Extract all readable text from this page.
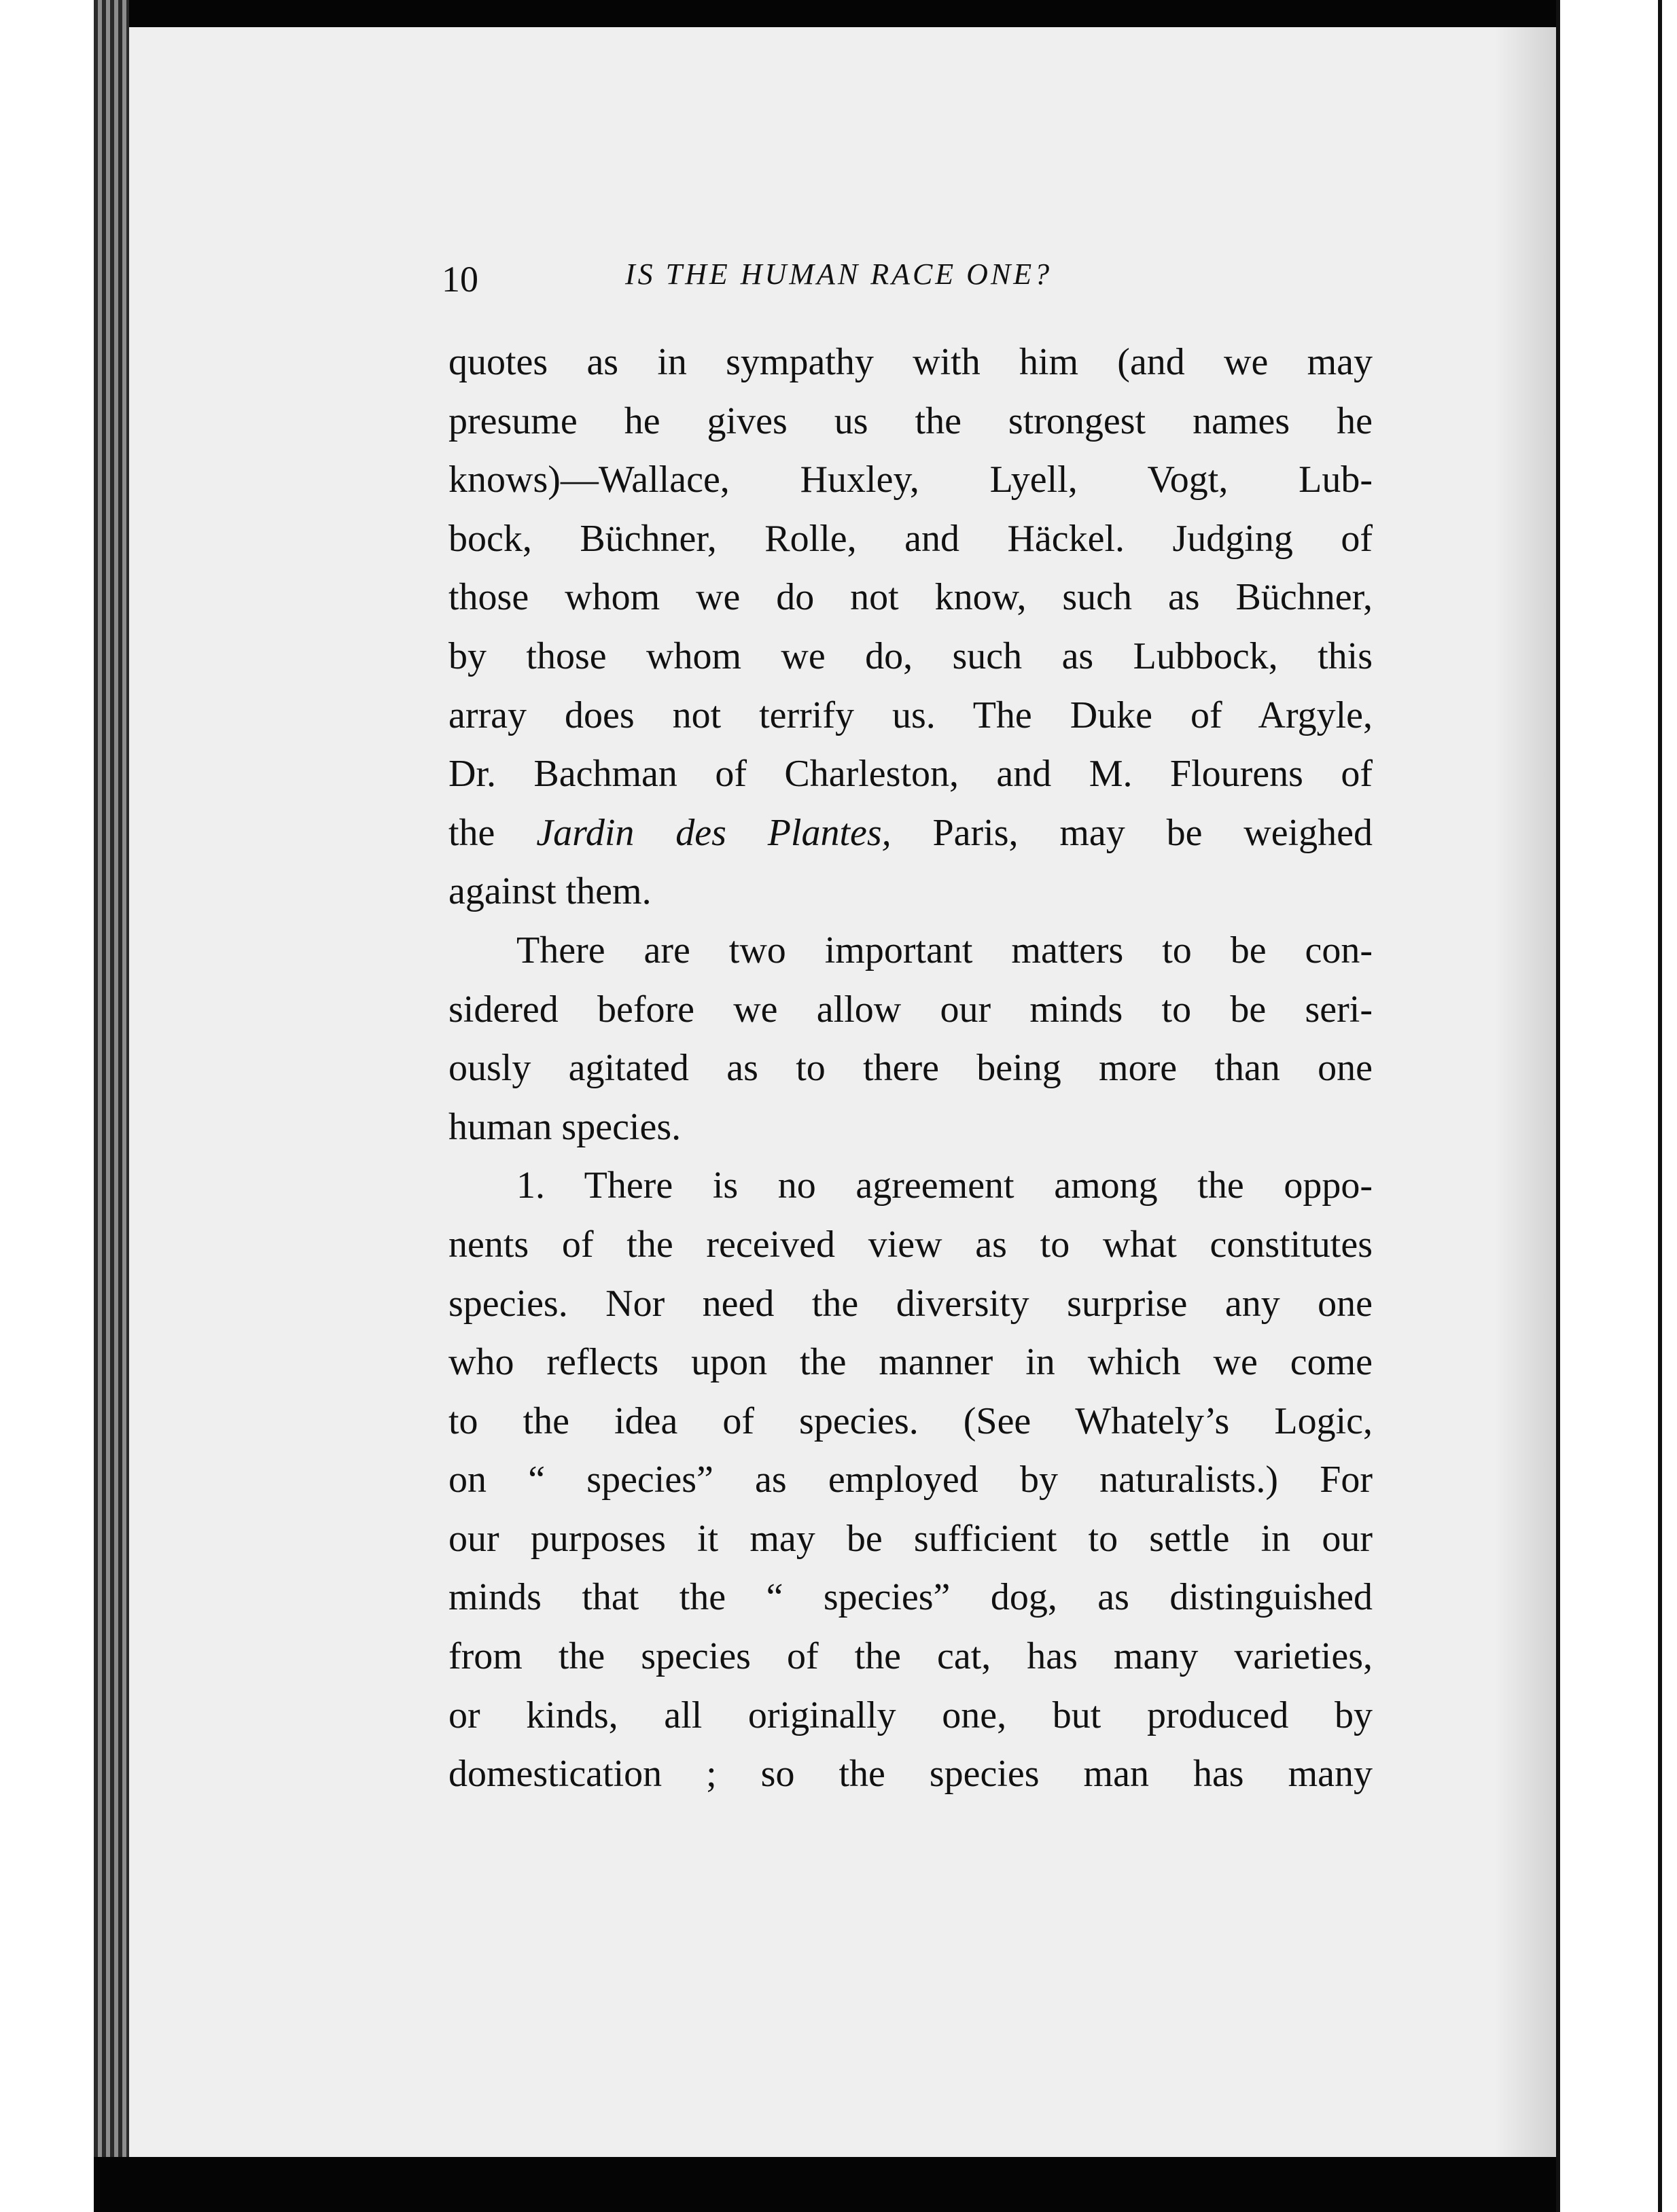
10	IS THE HUMAN RACE ONE?
quotes as in sympathy with him (and we may
presume he gives us the strongest names he
knows)—Wallace, Huxley, Lyell, Vogt, Lub-
bock, Büchner, Rolle, and Häckel. Judging of
those whom we do not know, such as Büchner,
by those whom we do, such as Lubbock, this
array does not terrify us. The Duke of Argyle,
Dr. Bachman of Charleston, and M. Flourens of
the Jardin des Plantes, Paris, may be weighed
against them.
There are two important matters to be con-
sidered before we allow our minds to be seri-
ously agitated as to there being more than one
human species.
1. There is no agreement among the oppo-
nents of the received view as to what constitutes
species. Nor need the diversity surprise any one
who reflects upon the manner in which we come
to the idea of species. (See Whately’s Logic,
on “ species” as employed by naturalists.) For
our purposes it may be sufficient to settle in our
minds that the “ species” dog, as distinguished
from the species of the cat, has many varieties,
or kinds, all originally one, but produced by
domestication ; so the species man has many
